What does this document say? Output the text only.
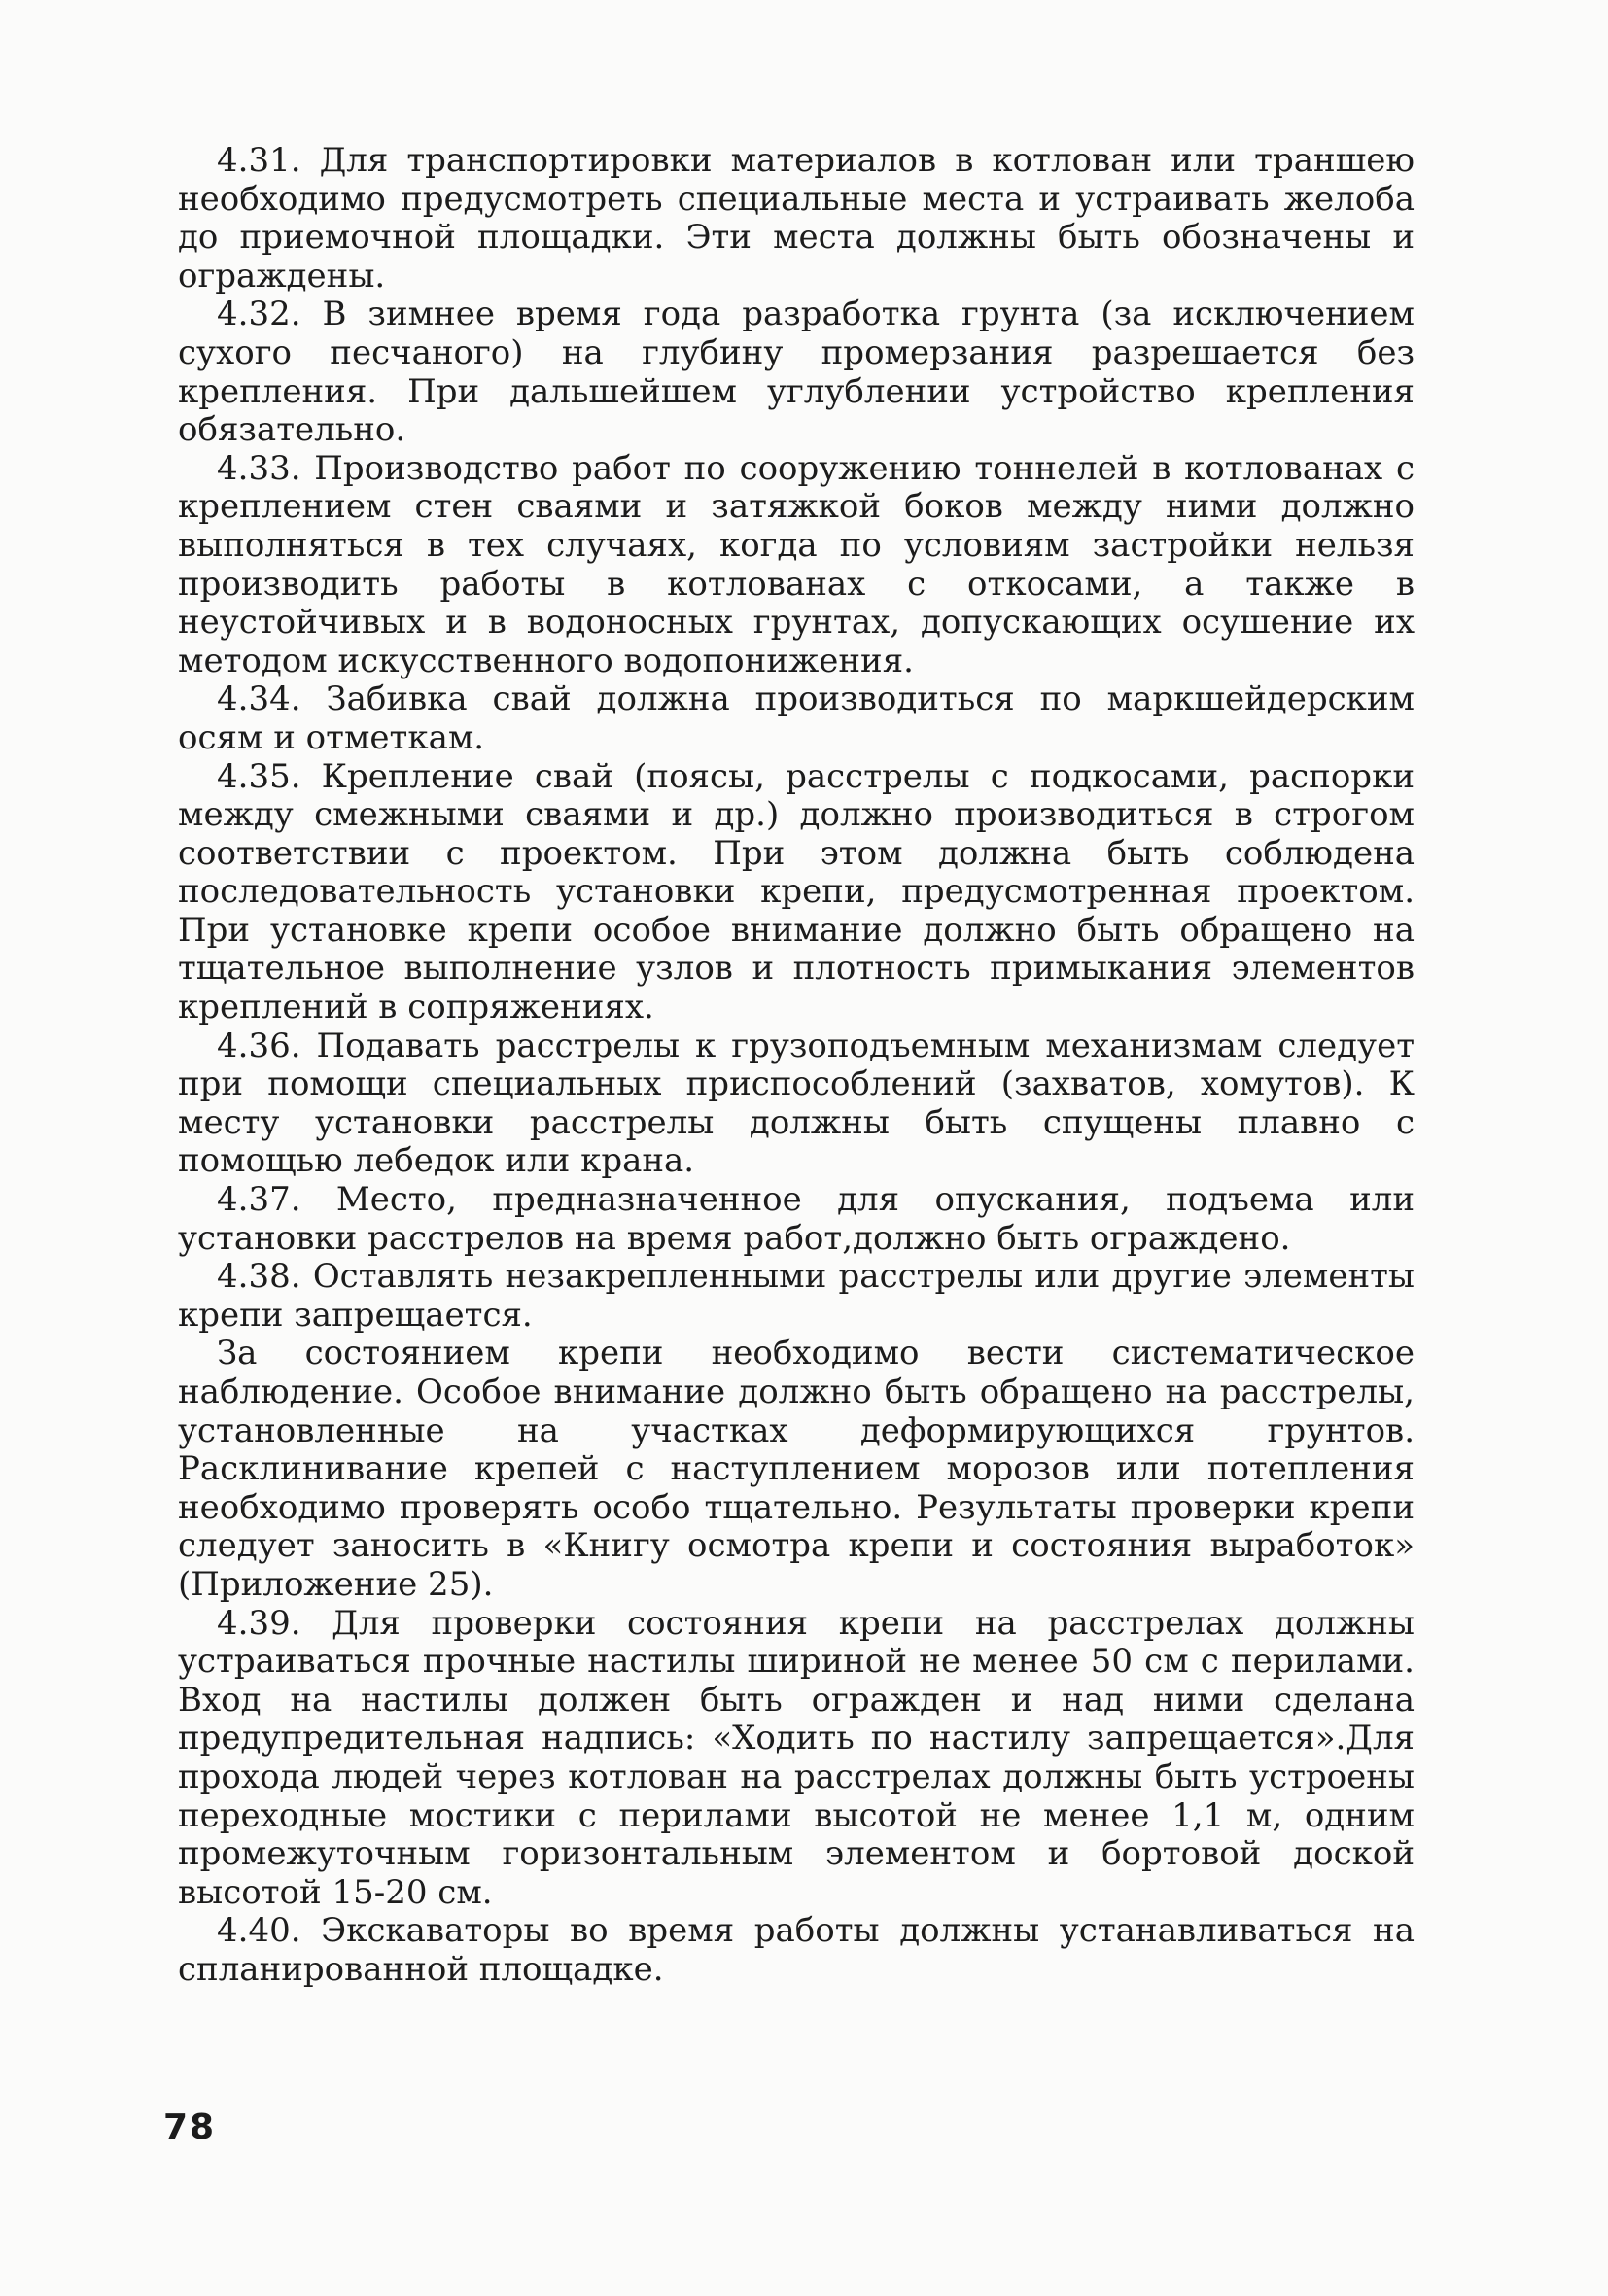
4.31. Для транспортировки материалов в котлован или траншею необходимо предусмотреть специальные места и устраивать желоба до приемочной площадки. Эти места должны быть обозначены и ограждены.

4.32. В зимнее время года разработка грунта (за исключением сухого песчаного) на глубину промерзания разрешается без крепления. При дальшейшем углублении устройство крепления обязательно.

4.33. Производство работ по сооружению тоннелей в котлованах с креплением стен сваями и затяжкой боков между ними должно выполняться в тех случаях, когда по условиям застройки нельзя производить работы в котлованах с откосами, а также в неустойчивых и в водоносных грунтах, допускающих осушение их методом искусственного водопонижения.

4.34. Забивка свай должна производиться по маркшейдерским осям и отметкам.

4.35. Крепление свай (поясы, расстрелы с подкосами, распорки между смежными сваями и др.) должно производиться в строгом соответствии с проектом. При этом должна быть соблюдена последовательность установки крепи, предусмотренная проектом. При установке крепи особое внимание должно быть обращено на тщательное выполнение узлов и плотность примыкания элементов креплений в сопряжениях.

4.36. Подавать расстрелы к грузоподъемным механизмам следует при помощи специальных приспособлений (захватов, хомутов). К месту установки расстрелы должны быть спущены плавно с помощью лебедок или крана.

4.37. Место, предназначенное для опускания, подъема или установки расстрелов на время работ,должно быть ограждено.

4.38. Оставлять незакрепленными расстрелы или другие элементы крепи запрещается.

За состоянием крепи необходимо вести систематическое наблюдение. Особое внимание должно быть обращено на расстрелы, установленные на участках деформирующихся грунтов. Расклинивание крепей с наступлением морозов или потепления необходимо проверять особо тщательно. Результаты проверки крепи следует заносить в «Книгу осмотра крепи и состояния выработок» (Приложение 25).

4.39. Для проверки состояния крепи на расстрелах должны устраиваться прочные настилы шириной не менее 50 см с перилами. Вход на настилы должен быть огражден и над ними сделана предупредительная надпись: «Ходить по настилу запрещается».Для прохода людей через котлован на расстрелах должны быть устроены переходные мостики с перилами высотой не менее 1,1 м, одним промежуточным горизонтальным элементом и бортовой доской высотой 15-20 см.

4.40. Экскаваторы во время работы должны устанавливаться на спланированной площадке.

78
